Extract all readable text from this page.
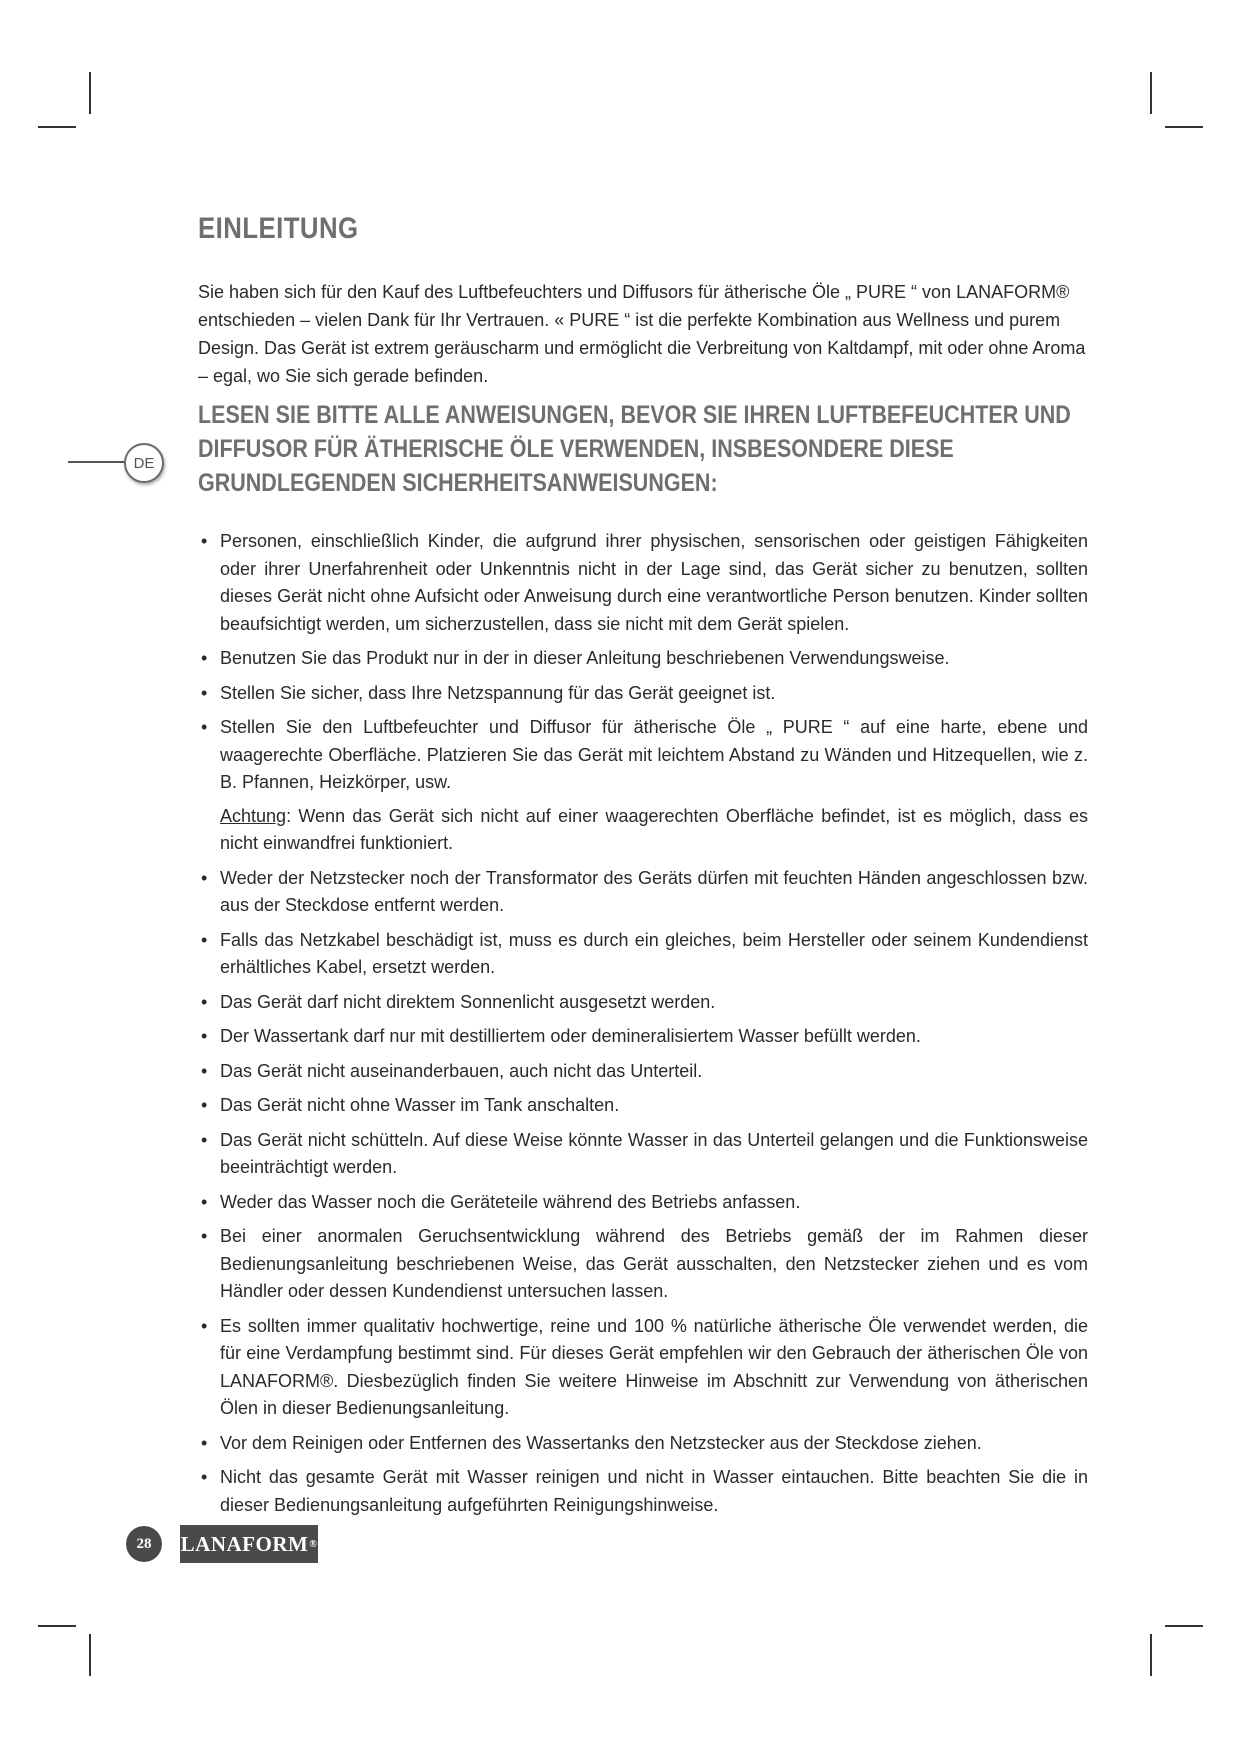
EINLEITUNG

Sie haben sich für den Kauf des Luftbefeuchters und Diffusors für ätherische Öle „ PURE “ von LANAFORM® entschieden – vielen Dank für Ihr Vertrauen. « PURE “ ist die perfekte Kombination aus Wellness und purem Design. Das Gerät ist extrem geräuscharm und ermöglicht die Verbreitung von Kaltdampf, mit oder ohne Aroma – egal, wo Sie sich gerade befinden.

LESEN SIE BITTE ALLE ANWEISUNGEN, BEVOR SIE IHREN LUFTBEFEUCHTER UND DIFFUSOR FÜR ÄTHERISCHE ÖLE VERWENDEN, INSBESONDERE DIESE GRUNDLEGENDEN SICHERHEITSANWEISUNGEN:
DE
• Personen, einschließlich Kinder, die aufgrund ihrer physischen, sensorischen oder geistigen Fähigkeiten oder ihrer Unerfahrenheit oder Unkenntnis nicht in der Lage sind, das Gerät sicher zu benutzen, sollten dieses Gerät nicht ohne Aufsicht oder Anweisung durch eine verantwortliche Person benutzen. Kinder sollten beaufsichtigt werden, um sicherzustellen, dass sie nicht mit dem Gerät spielen.
• Benutzen Sie das Produkt nur in der in dieser Anleitung beschriebenen Verwendungsweise.
• Stellen Sie sicher, dass Ihre Netzspannung für das Gerät geeignet ist.
• Stellen Sie den Luftbefeuchter und Diffusor für ätherische Öle „ PURE “ auf eine harte, ebene und waagerechte Oberfläche. Platzieren Sie das Gerät mit leichtem Abstand zu Wänden und Hitzequellen, wie z. B. Pfannen, Heizkörper, usw.
Achtung: Wenn das Gerät sich nicht auf einer waagerechten Oberfläche befindet, ist es möglich, dass es nicht einwandfrei funktioniert.
• Weder der Netzstecker noch der Transformator des Geräts dürfen mit feuchten Händen angeschlossen bzw. aus der Steckdose entfernt werden.
• Falls das Netzkabel beschädigt ist, muss es durch ein gleiches, beim Hersteller oder seinem Kundendienst erhältliches Kabel, ersetzt werden.
• Das Gerät darf nicht direktem Sonnenlicht ausgesetzt werden.
• Der Wassertank darf nur mit destilliertem oder demineralisiertem Wasser befüllt werden.
• Das Gerät nicht auseinanderbauen, auch nicht das Unterteil.
• Das Gerät nicht ohne Wasser im Tank anschalten.
• Das Gerät nicht schütteln. Auf diese Weise könnte Wasser in das Unterteil gelangen und die Funktionsweise beeinträchtigt werden.
• Weder das Wasser noch die Geräteteile während des Betriebs anfassen.
• Bei einer anormalen Geruchsentwicklung während des Betriebs gemäß der im Rahmen dieser Bedienungsanleitung beschriebenen Weise, das Gerät ausschalten, den Netzstecker ziehen und es vom Händler oder dessen Kundendienst untersuchen lassen.
• Es sollten immer qualitativ hochwertige, reine und 100 % natürliche ätherische Öle verwendet werden, die für eine Verdampfung bestimmt sind. Für dieses Gerät empfehlen wir den Gebrauch der ätherischen Öle von LANAFORM®. Diesbezüglich finden Sie weitere Hinweise im Abschnitt zur Verwendung von ätherischen Ölen in dieser Bedienungsanleitung.
• Vor dem Reinigen oder Entfernen des Wassertanks den Netzstecker aus der Steckdose ziehen.
• Nicht das gesamte Gerät mit Wasser reinigen und nicht in Wasser eintauchen. Bitte beachten Sie die in dieser Bedienungsanleitung aufgeführten Reinigungshinweise.
28	LANAFORM ®
